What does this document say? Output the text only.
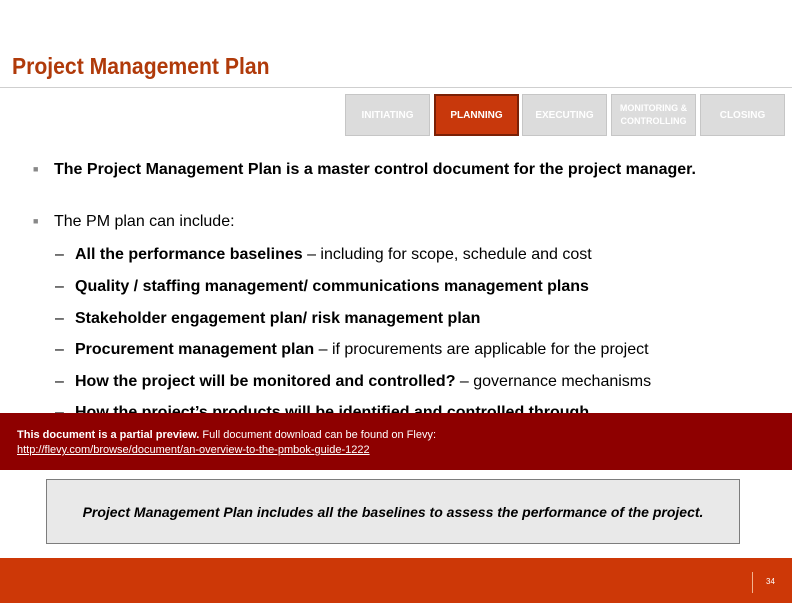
Project Management Plan
INITIATING	PLANNING	EXECUTING
MONITORING & CONTROLLING
CLOSING
■ The Project Management Plan is a master control document for the project manager.
■ The PM plan can include:
– All the performance baselines – including for scope, schedule and cost
– Quality / staffing management/ communications management plans
– Stakeholder engagement plan/ risk management plan
– Procurement management plan – if procurements are applicable for the project
– How the project will be monitored and controlled? – governance mechanisms
This document is a partial preview. Full document download can be found on Flevy:
http://flevy.com/browse/document/an-overview-to-the-pmbok-guide-1222
Project Management Plan includes all the baselines to assess the performance of the project.
34
